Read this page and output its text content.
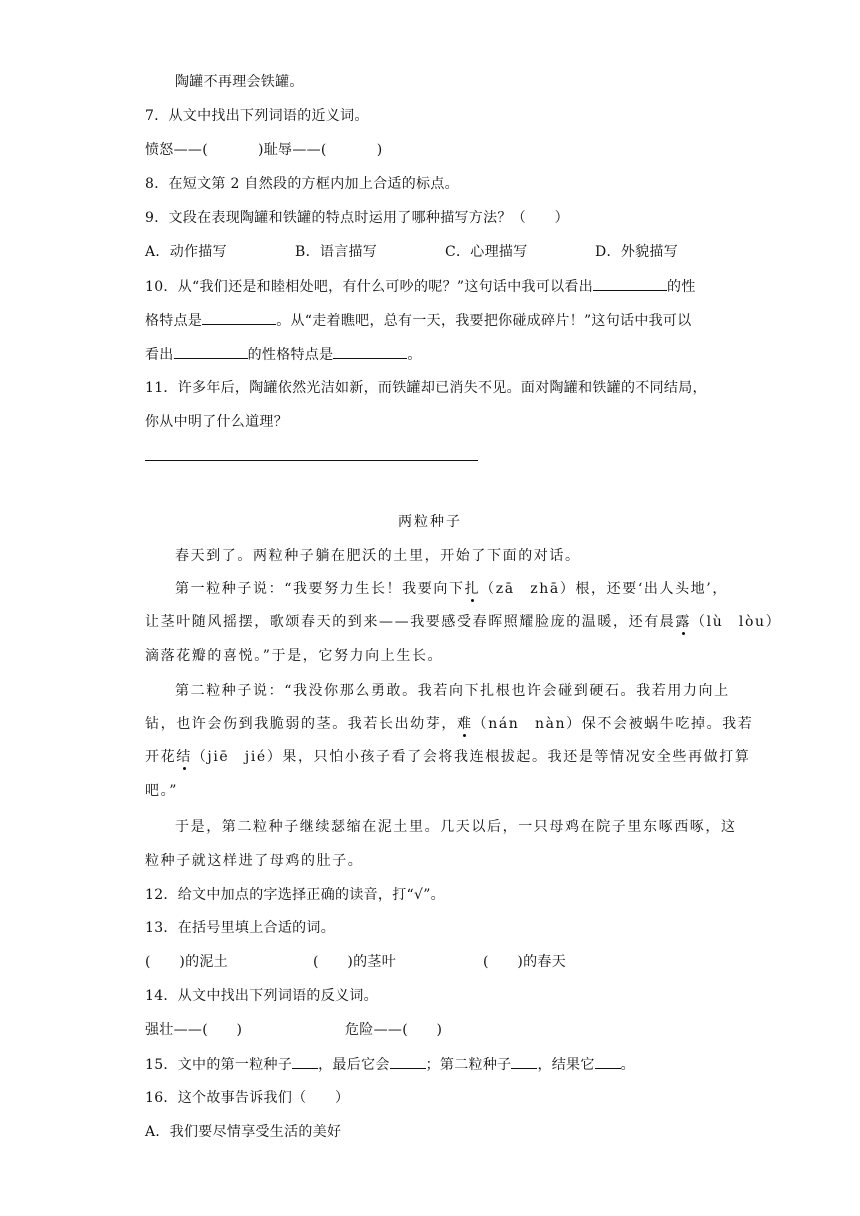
陶罐不再理会铁罐。
7．从文中找出下列词语的近义词。
愤怒——(	)耻辱——(	)
8．在短文第 2 自然段的方框内加上合适的标点。
9．文段在表现陶罐和铁罐的特点时运用了哪种描写方法？（　　）
A．动作描写	B．语言描写	C．心理描写	D．外貌描写
10．从“我们还是和睦相处吧，有什么可吵的呢？”这句话中我可以看出	的性
格特点是	。从“走着瞧吧，总有一天，我要把你碰成碎片！”这句话中我可以
看出	的性格特点是	。
11．许多年后，陶罐依然光洁如新，而铁罐却已消失不见。面对陶罐和铁罐的不同结局，
你从中明了什么道理？
两粒种子
春天到了。两粒种子躺在肥沃的土里，开始了下面的对话。
第一粒种子说：“我要努力生长！我要向下扎（zā　zhā）根，还要‘出人头地’，
让茎叶随风摇摆，歌颂春天的到来——我要感受春晖照耀脸庞的温暖，还有晨露（lù　lòu）
滴落花瓣的喜悦。”于是，它努力向上生长。
第二粒种子说：“我没你那么勇敢。我若向下扎根也许会碰到硬石。我若用力向上
钻，也许会伤到我脆弱的茎。我若长出幼芽，难（nán　nàn）保不会被蜗牛吃掉。我若
开花结（jiē　jié）果，只怕小孩子看了会将我连根拔起。我还是等情况安全些再做打算
吧。”
于是，第二粒种子继续瑟缩在泥土里。几天以后，一只母鸡在院子里东啄西啄，这
粒种子就这样进了母鸡的肚子。
12．给文中加点的字选择正确的读音，打“√”。
13．在括号里填上合适的词。
(　　)的泥土	(　　)的茎叶	(　　)的春天
14．从文中找出下列词语的反义词。
强壮——(　　)	危险——(　　)
15．文中的第一粒种子 ，最后它会	；第二粒种子 ，结果它 。
16．这个故事告诉我们（　　）
A．我们要尽情享受生活的美好
